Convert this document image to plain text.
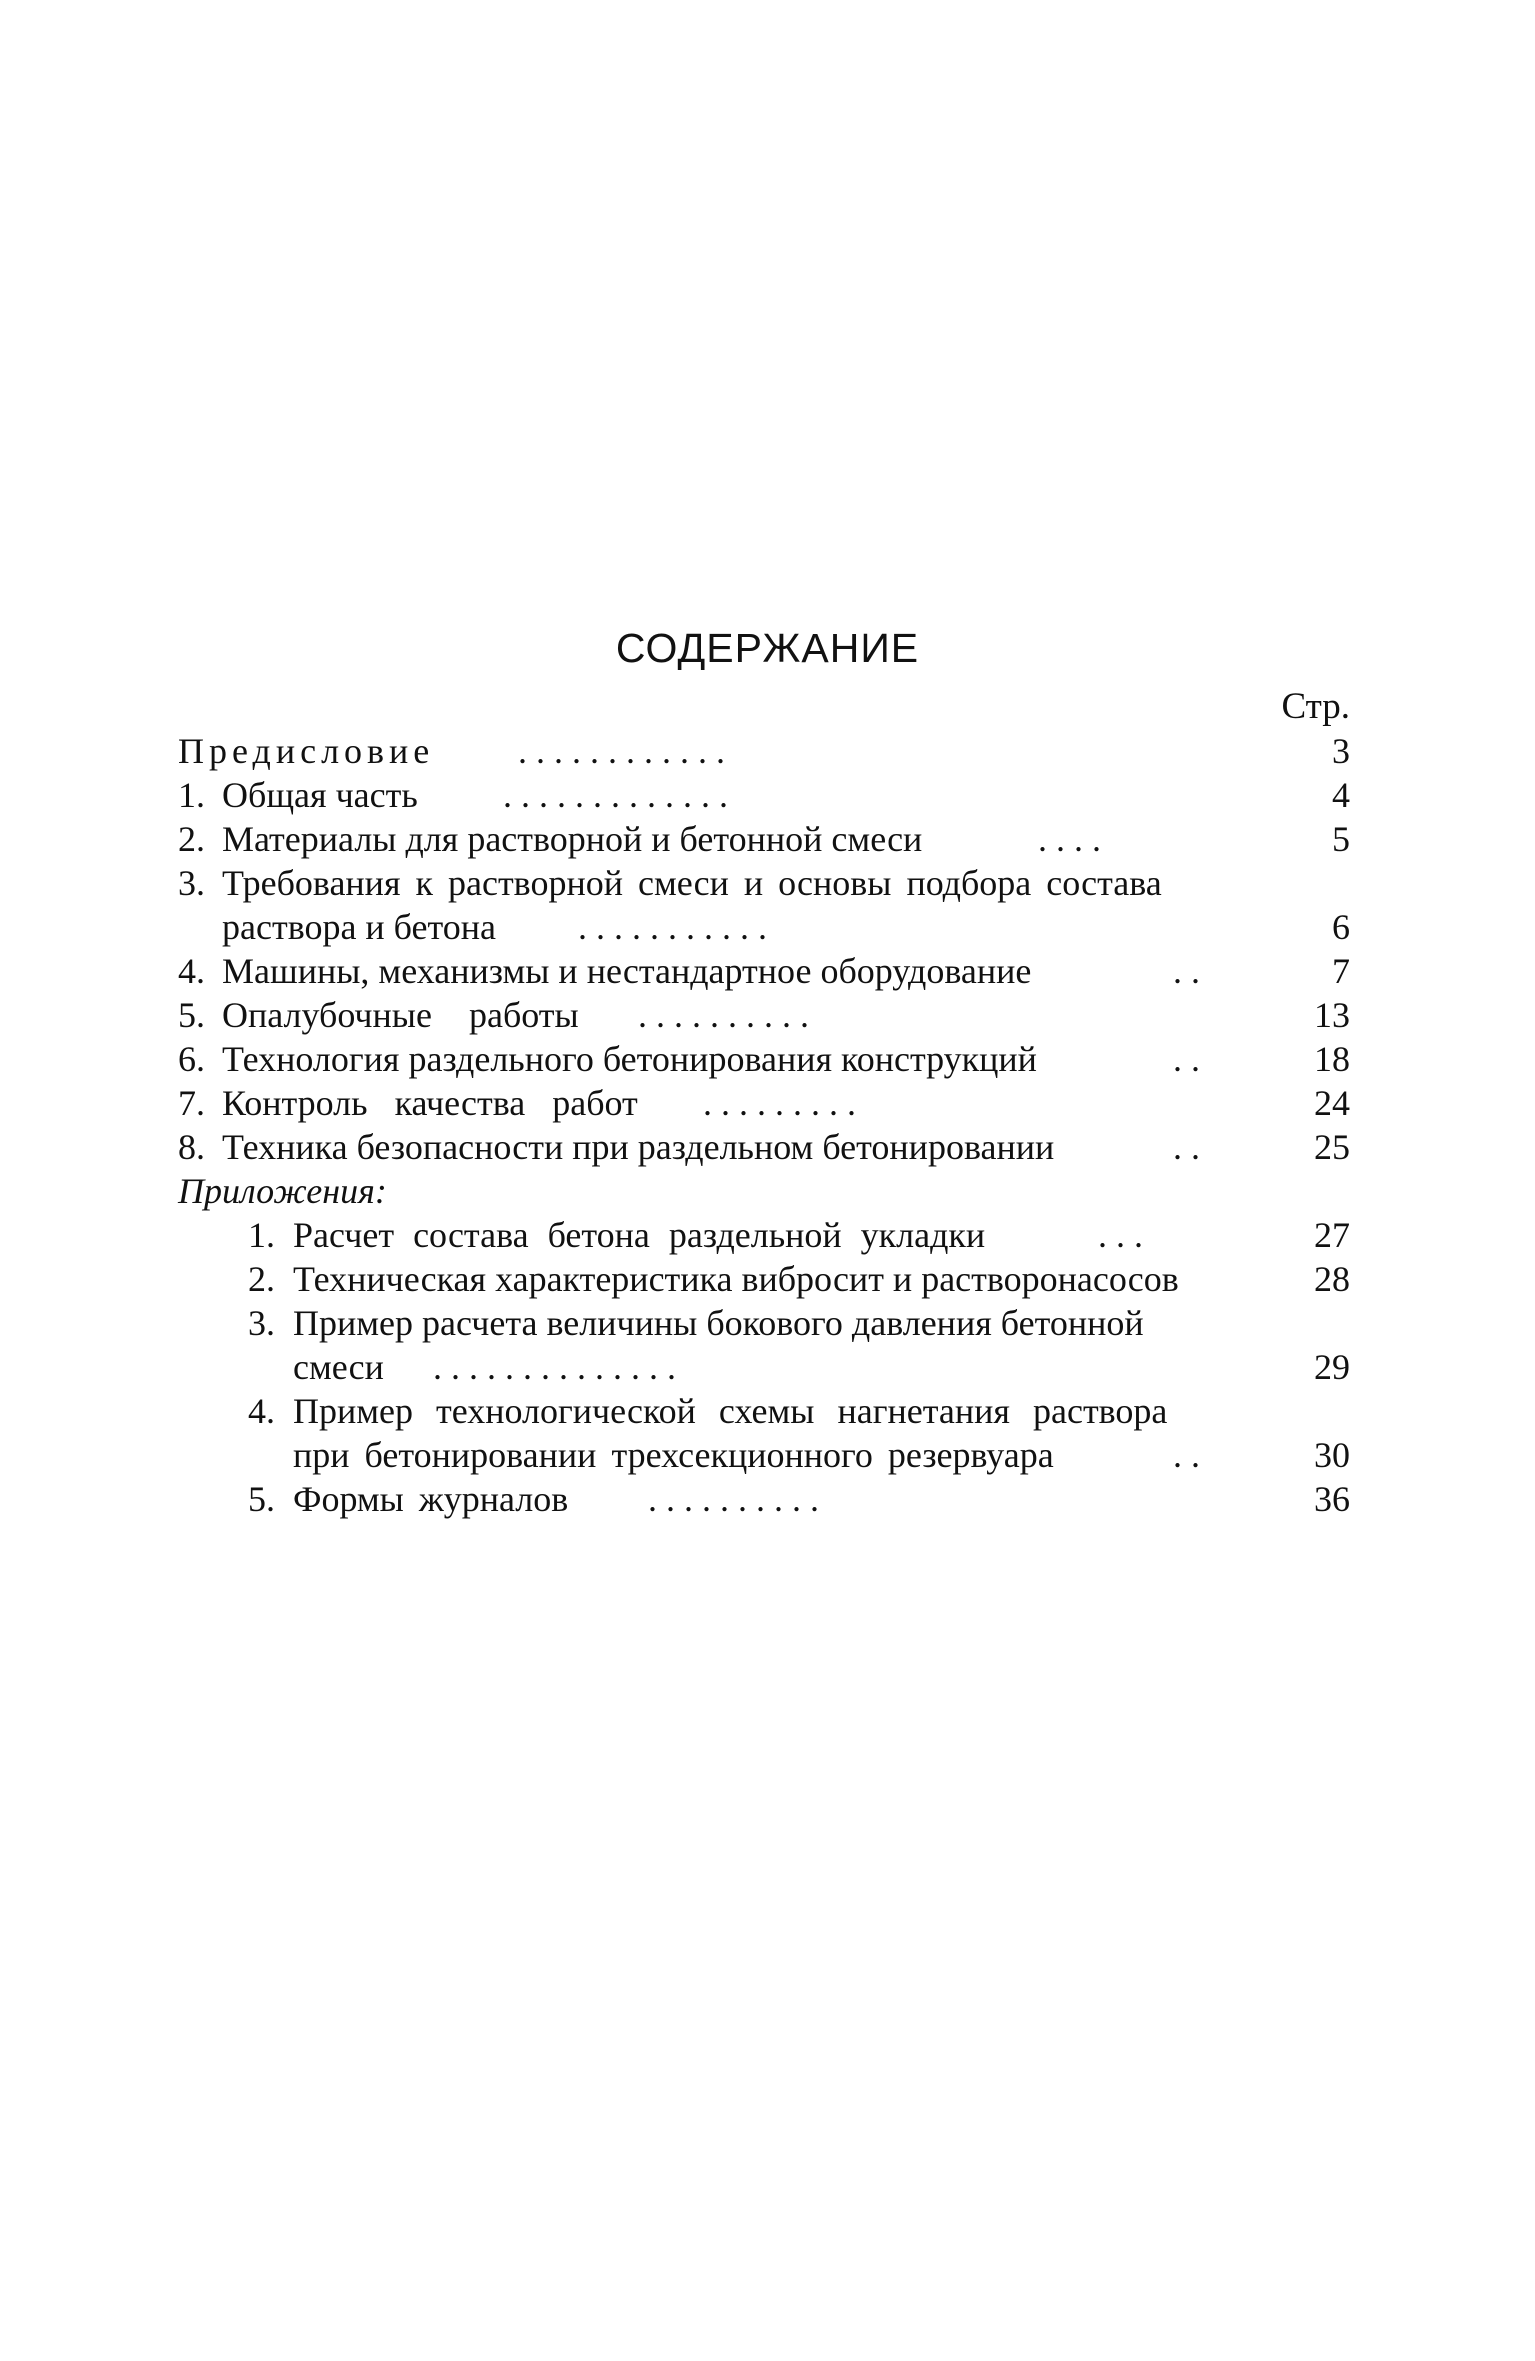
СОДЕРЖАНИЕ
Стр.
Предисловие . . . . . . . . . . . .	3
1. Общая часть . . . . . . . . . . . . .	4
2. Материалы для растворной и бетонной смеси	. . . .	5
3. Требования к растворной смеси и основы подбора состава
раствора и бетона . . . . . . . . . . .	6
4. Машины, механизмы и нестандартное оборудование	. .	7
5. Опалубочные работы . . . . . . . . . .	13
6. Технология раздельного бетонирования конструкций	. .	18
7. Контроль качества работ . . . . . . . . .	24
8. Техника безопасности при раздельном бетонировании	. .	25
Приложения:
1. Расчет состава бетона раздельной укладки	. . .	27
2. Техническая характеристика вибросит и растворонасосов	28
3. Пример расчета величины бокового давления бетонной
смеси . . . . . . . . . . . . . .	29
4. Пример технологической схемы нагнетания раствора
при бетонировании трехсекционного резервуара	. .	30
5. Формы журналов . . . . . . . . . .	36
